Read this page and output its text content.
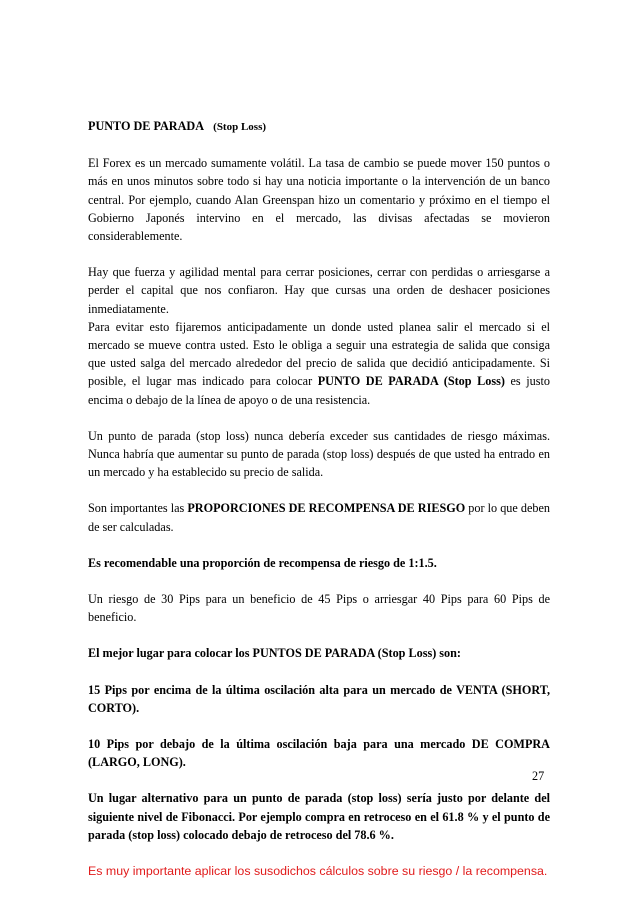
PUNTO DE PARADA (Stop Loss)

El Forex es un mercado sumamente volátil. La tasa de cambio se puede mover 150 puntos o más en unos minutos sobre todo si hay una noticia importante o la intervención de un banco central. Por ejemplo, cuando Alan Greenspan hizo un comentario y próximo en el tiempo el Gobierno Japonés intervino en el mercado, las divisas afectadas se movieron considerablemente.

Hay que fuerza y agilidad mental para cerrar posiciones, cerrar con perdidas o arriesgarse a perder el capital que nos confiaron. Hay que cursas una orden de deshacer posiciones inmediatamente.

Para evitar esto fijaremos anticipadamente un donde usted planea salir el mercado si el mercado se mueve contra usted. Esto le obliga a seguir una estrategia de salida que consiga que usted salga del mercado alrededor del precio de salida que decidió anticipadamente. Si posible, el lugar mas indicado para colocar PUNTO DE PARADA (Stop Loss) es justo encima o debajo de la línea de apoyo o de una resistencia.

Un punto de parada (stop loss) nunca debería exceder sus cantidades de riesgo máximas. Nunca habría que aumentar su punto de parada (stop loss) después de que usted ha entrado en un mercado y ha establecido su precio de salida.

Son importantes las PROPORCIONES DE RECOMPENSA DE RIESGO por lo que deben de ser calculadas.

Es recomendable una proporción de recompensa de riesgo de 1:1.5.

Un riesgo de 30 Pips para un beneficio de 45 Pips o arriesgar 40 Pips para 60 Pips de beneficio.

El mejor lugar para colocar los PUNTOS DE PARADA (Stop Loss) son:

15 Pips por encima de la última oscilación alta para un mercado de VENTA (SHORT, CORTO).

10 Pips por debajo de la última oscilación baja para una mercado DE COMPRA (LARGO, LONG).

Un lugar alternativo para un punto de parada (stop loss) sería justo por delante del siguiente nivel de Fibonacci. Por ejemplo compra en retroceso en el 61.8 % y el punto de parada (stop loss) colocado debajo de retroceso del 78.6 %.

Es muy importante aplicar los susodichos cálculos sobre su riesgo / la recompensa.

27
